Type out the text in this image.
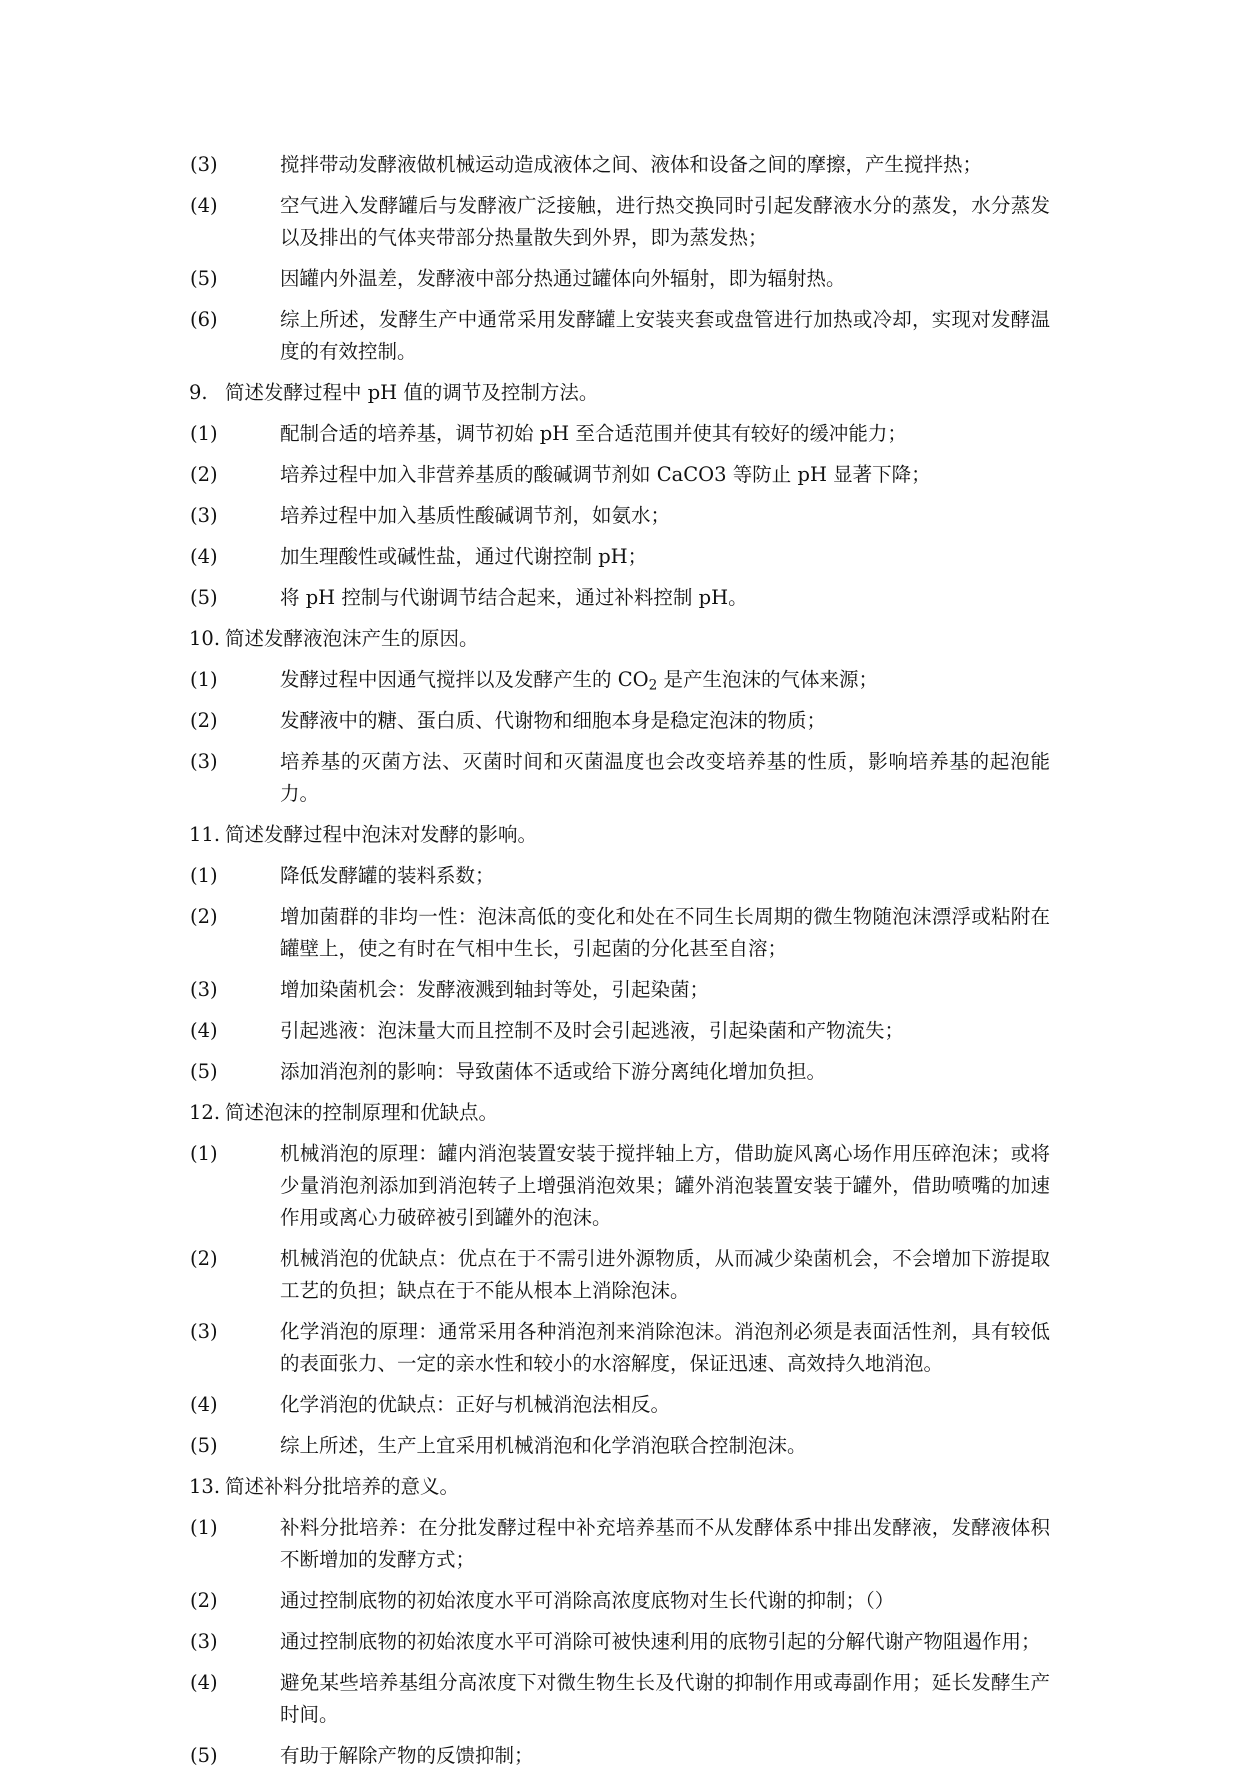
(3)	搅拌带动发酵液做机械运动造成液体之间、液体和设备之间的摩擦，产生搅拌热；
(4)	空气进入发酵罐后与发酵液广泛接触，进行热交换同时引起发酵液水分的蒸发，水分蒸发以及排出的气体夹带部分热量散失到外界，即为蒸发热；
(5)	因罐内外温差，发酵液中部分热通过罐体向外辐射，即为辐射热。
(6)	综上所述，发酵生产中通常采用发酵罐上安装夹套或盘管进行加热或冷却，实现对发酵温度的有效控制。
9. 简述发酵过程中 pH 值的调节及控制方法。
(1)	配制合适的培养基，调节初始 pH 至合适范围并使其有较好的缓冲能力；
(2)	培养过程中加入非营养基质的酸碱调节剂如 CaCO3 等防止 pH 显著下降；
(3)	培养过程中加入基质性酸碱调节剂，如氨水；
(4)	加生理酸性或碱性盐，通过代谢控制 pH；
(5)	将 pH 控制与代谢调节结合起来，通过补料控制 pH。
10. 简述发酵液泡沫产生的原因。
(1)	发酵过程中因通气搅拌以及发酵产生的 $CO_2$ 是产生泡沫的气体来源；
(2)	发酵液中的糖、蛋白质、代谢物和细胞本身是稳定泡沫的物质；
(3)	培养基的灭菌方法、灭菌时间和灭菌温度也会改变培养基的性质，影响培养基的起泡能力。
11. 简述发酵过程中泡沫对发酵的影响。
(1)	降低发酵罐的装料系数；
(2)	增加菌群的非均一性：泡沫高低的变化和处在不同生长周期的微生物随泡沫漂浮或粘附在罐壁上，使之有时在气相中生长，引起菌的分化甚至自溶；
(3)	增加染菌机会：发酵液溅到轴封等处，引起染菌；
(4)	引起逃液：泡沫量大而且控制不及时会引起逃液，引起染菌和产物流失；
(5)	添加消泡剂的影响：导致菌体不适或给下游分离纯化增加负担。
12. 简述泡沫的控制原理和优缺点。
(1)	机械消泡的原理：罐内消泡装置安装于搅拌轴上方，借助旋风离心场作用压碎泡沫；或将少量消泡剂添加到消泡转子上增强消泡效果；罐外消泡装置安装于罐外，借助喷嘴的加速作用或离心力破碎被引到罐外的泡沫。
(2)	机械消泡的优缺点：优点在于不需引进外源物质，从而减少染菌机会，不会增加下游提取工艺的负担；缺点在于不能从根本上消除泡沫。
(3)	化学消泡的原理：通常采用各种消泡剂来消除泡沫。消泡剂必须是表面活性剂，具有较低的表面张力、一定的亲水性和较小的水溶解度，保证迅速、高效持久地消泡。
(4)	化学消泡的优缺点：正好与机械消泡法相反。
(5)	综上所述，生产上宜采用机械消泡和化学消泡联合控制泡沫。
13. 简述补料分批培养的意义。
(1)	补料分批培养：在分批发酵过程中补充培养基而不从发酵体系中排出发酵液，发酵液体积不断增加的发酵方式；
(2)	通过控制底物的初始浓度水平可消除高浓度底物对生长代谢的抑制；（）
(3)	通过控制底物的初始浓度水平可消除可被快速利用的底物引起的分解代谢产物阻遏作用；
(4)	避免某些培养基组分高浓度下对微生物生长及代谢的抑制作用或毒副作用；延长发酵生产时间。
(5)	有助于解除产物的反馈抑制；
